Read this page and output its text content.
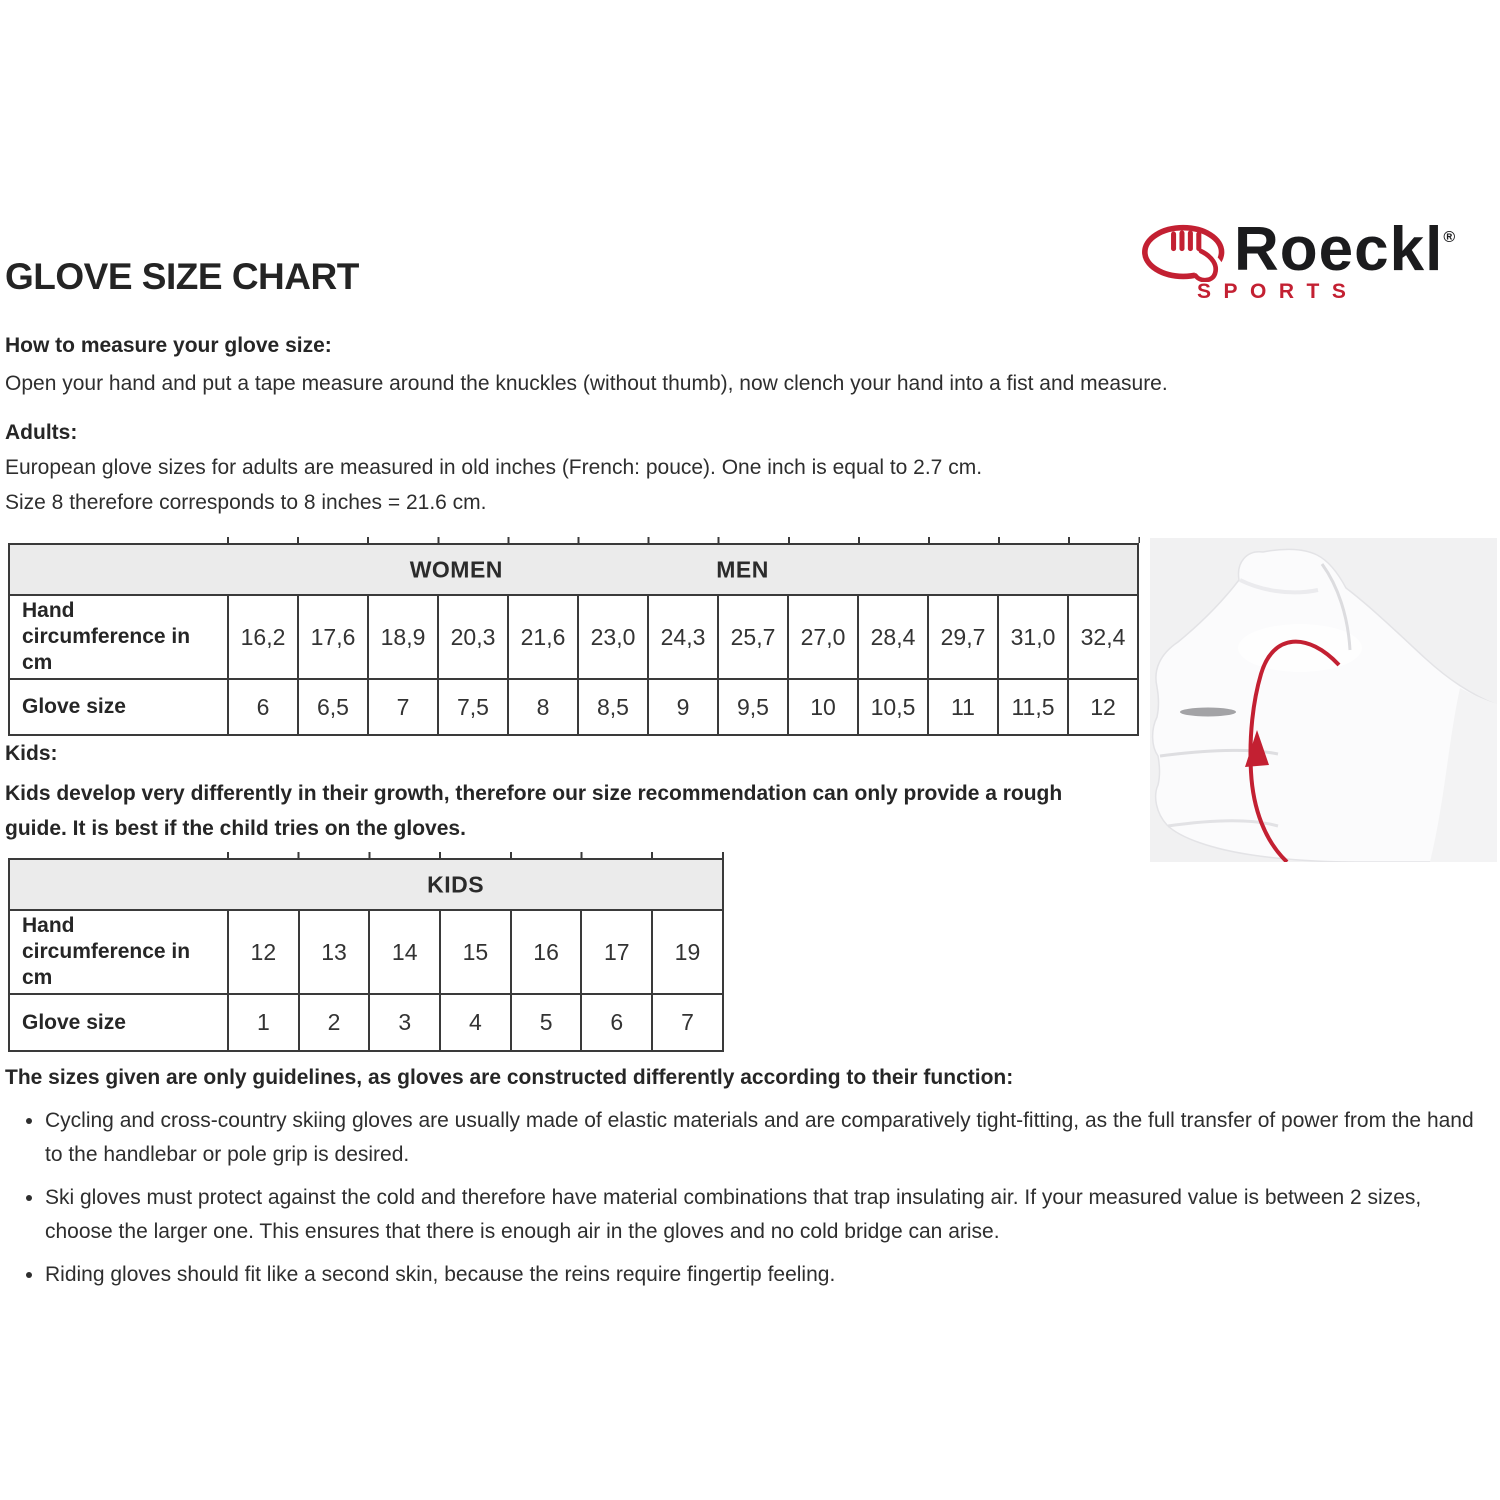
GLOVE SIZE CHART	Roeckl®
SPORTS
How to measure your glove size:
Open your hand and put a tape measure around the knuckles (without thumb), now clench your hand into a fist and measure.
Adults:
European glove sizes for adults are measured in old inches (French: pouce). One inch is equal to 2.7 cm.
Size 8 therefore corresponds to 8 inches = 21.6 cm.
WOMEN MEN													

Hand circumference in cm	16,2	17,6	18,9	20,3	21,6	23,0	24,3	25,7	27,0	28,4	29,7	31,0	32,4
Glove size	6	6,5	7	7,5	8	8,5	9	9,5	10	10,5	11	11,5	12
Kids:
Kids develop very differently in their growth, therefore our size recommendation can only provide a rough guide. It is best if the child tries on the gloves.
KIDS							

Hand circumference in cm	12	13	14	15	16	17	19
Glove size	1	2	3	4	5	6	7
The sizes given are only guidelines, as gloves are constructed differently according to their function:
• Cycling and cross-country skiing gloves are usually made of elastic materials and are comparatively tight-fitting, as the full transfer of power from the hand to the handlebar or pole grip is desired.
• Ski gloves must protect against the cold and therefore have material combinations that trap insulating air. If your measured value is between 2 sizes, choose the larger one. This ensures that there is enough air in the gloves and no cold bridge can arise.
• Riding gloves should fit like a second skin, because the reins require fingertip feeling.
